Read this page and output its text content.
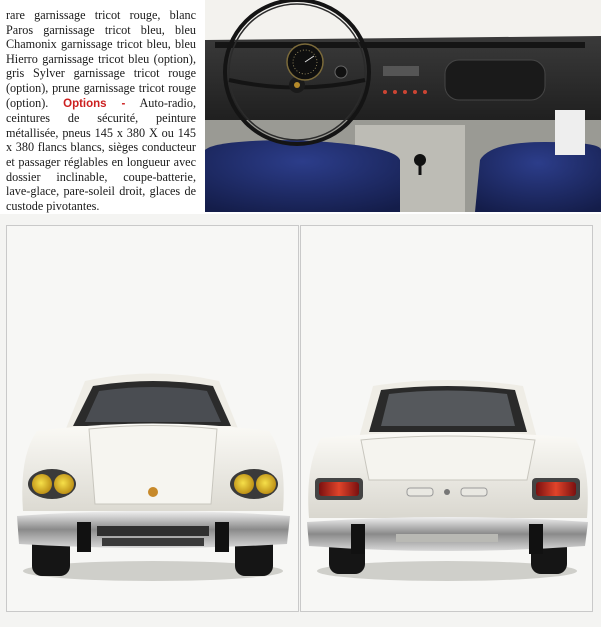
rare garnissage tricot rouge, blanc Paros garnissage tricot bleu, bleu Chamonix garnissage tricot bleu, bleu Hierro garnissage tricot bleu (option), gris Sylver garnissage tricot rouge (option), prune garnissage tricot rouge (option). Options - Auto-radio, ceintures de sécurité, peinture métallisée, pneus 145 x 380 X ou 145 x 380 flancs blancs, sièges conducteur et passager réglables en longueur avec dossier inclinable, coupe-batterie, lave-glace, pare-soleil droit, glaces de custode pivotantes.
